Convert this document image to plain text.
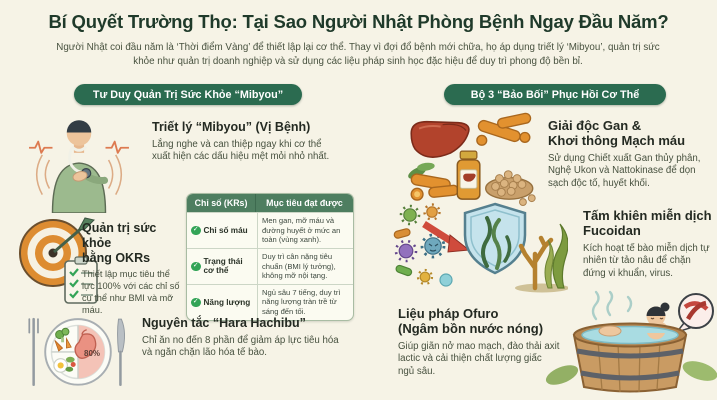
Bí Quyết Trường Thọ: Tại Sao Người Nhật Phòng Bệnh Ngay Đầu Năm?
Người Nhật coi đầu năm là ‘Thời điểm Vàng’ để thiết lập lại cơ thể. Thay vì đợi đổ bệnh mới chữa, họ áp dụng triết lý ‘Mibyou’, quản trị sức khỏe như quản trị doanh nghiệp và sử dụng các liệu pháp sinh học đặc hiệu để duy trì phong độ bền bỉ.
Tư Duy Quản Trị Sức Khỏe “Mibyou”	Bộ 3 “Bảo Bối” Phục Hồi Cơ Thể

Triết lý “Mibyou” (Vị Bệnh)

Lắng nghe và can thiệp ngay khi cơ thể xuất hiện các dấu hiệu mệt mỏi nhỏ nhất.

Quản trị sức khỏe
bằng OKRs

Thiết lập mục tiêu thể lực 100% với các chỉ số cụ thể như BMI và mỡ máu.

Chỉ số (KRs)	Mục tiêu đạt được
✓ Chỉ số máu
Men gan, mỡ máu và đường huyết ở mức an toàn (vùng xanh).
✓ Trạng thái cơ thể
Duy trì cân nặng tiêu chuẩn (BMI lý tưởng), không mỡ nội tạng.
✓ Năng lượng
Ngủ sâu 7 tiếng, duy trì năng lượng tràn trề từ sáng đến tối.
80%

Nguyên tắc “Hara Hachibu”

Chỉ ăn no đến 8 phần để giảm áp lực tiêu hóa và ngăn chặn lão hóa tế bào.

Giải độc Gan &
Khơi thông Mạch máu

Sử dụng Chiết xuất Gan thủy phân, Nghệ Ukon và Nattokinase để dọn sạch độc tố, huyết khối.

Tấm khiên miễn dịch
Fucoidan

Kích hoạt tế bào miễn dịch tự nhiên từ tảo nâu để chặn đứng vi khuẩn, virus.

Liệu pháp Ofuro
(Ngâm bồn nước nóng)

Giúp giãn nở mao mạch, đào thải axit lactic và cải thiện chất lượng giấc ngủ sâu.
